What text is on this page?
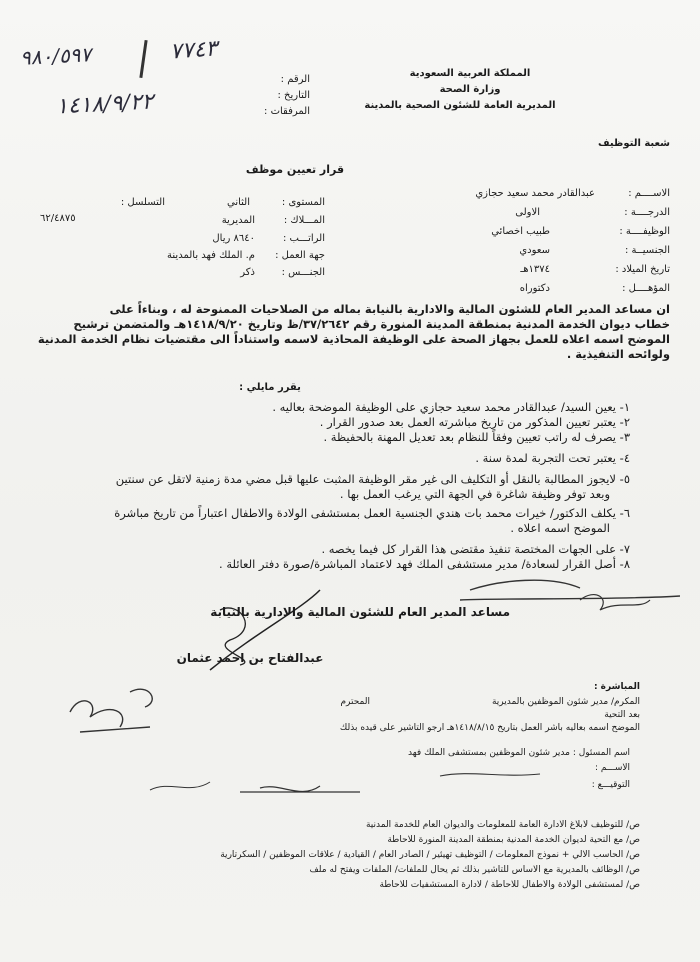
٩٨٠/٥٩٧	٧٧٤٣
١٤١٨/٩/٢٢
الرقم :
التاريخ :
المرفقات :
المملكة العربية السعودية
وزارة الصحة
المديرية العامة للشئون الصحية بالمدينة
شعبة التوظيف
قرار تعيين موظف
الاســــم :
عبدالقادر محمد سعيد حجازي
الدرجــــة :
الاولى
الوظيفــــة :
طبيب اخصائي
الجنسيــة :
سعودي
تاريخ الميلاد :
١٣٧٤هـ
المؤهــــل :
دكتوراه
المستوى :
الثاني
التسلسل :
٦٢/٤٨٧٥	المـــلاك :
المديرية
الراتـــب :
٨٦٤٠ ريال
جهة العمل :
م. الملك فهد بالمدينة
الجنـــس :
ذكر
ان مساعد المدير العام للشئون المالية والادارية بالنيابة بماله من الصلاحيات الممنوحة له ، وبناءاً على
خطاب ديوان الخدمة المدنية بمنطقة المدينة المنورة رقم ٣٧/٢٦٤٢/ظ وتاريخ ١٤١٨/٩/٢٠هـ والمتضمن ترشيح
الموضح اسمه اعلاه للعمل بجهاز الصحة على الوظيفة المحاذية لاسمه واستناداً الى مقتضيات نظام الخدمة المدنية
ولوائحه التنفيذية .
يقرر مايلي :
١- يعين السيد/ عبدالقادر محمد سعيد حجازي على الوظيفة الموضحة بعاليه .
٢- يعتبر تعيين المذكور من تاريخ مباشرته العمل بعد صدور القرار .
٣- يصرف له راتب تعيين وفقاً للنظام بعد تعديل المهنة بالحفيظة .
٤- يعتبر تحت التجربة لمدة سنة .
٥- لايجوز المطالبة بالنقل أو التكليف الى غير مقر الوظيفة المثبت عليها قبل مضي مدة زمنية لاتقل عن سنتين
وبعد توفر وظيفة شاغرة في الجهة التي يرغب العمل بها .
٦- يكلف الدكتور/ خيرات محمد بات هندي الجنسية العمل بمستشفى الولادة والاطفال اعتباراً من تاريخ مباشرة
الموضح اسمه اعلاه .
٧- على الجهات المختصة تنفيذ مقتضى هذا القرار كل فيما يخصه .
٨- أصل القرار لسعادة/ مدير مستشفى الملك فهد لاعتماد المباشرة/صورة دفتر العائلة .
مساعد المدير العام للشئون المالية والادارية بالنيابة
عبدالفتاح بن احمد عثمان
المباشرة :
المكرم/ مدير شئون الموظفين بالمديرية
المحترم
بعد التحية
الموضح اسمه بعاليه باشر العمل بتاريخ ١٤١٨/٨/١٥هـ ارجو التاشير على قيده بذلك
اسم المسئول : مدير شئون الموظفين بمستشفى الملك فهد
الاســـم :
التوقيـــع :
ص/ للتوظيف لابلاغ الادارة العامة للمعلومات والديوان العام للخدمة المدنية
ص/ مع التحية لديوان الخدمة المدنية بمنطقة المدينة المنورة للاحاطة
ص/ الحاسب الالي + نموذج المعلومات / التوظيف تهيئير / الصادر العام / القيادية / علاقات الموظفين / السكرتارية
ص/ الوظائف بالمديرية مع الاساس للتاشير بذلك ثم يحال للملفات/ الملفات ويفتح له ملف
ص/ لمستشفى الولادة والاطفال للاحاطة / لادارة المستشفيات للاحاطة
